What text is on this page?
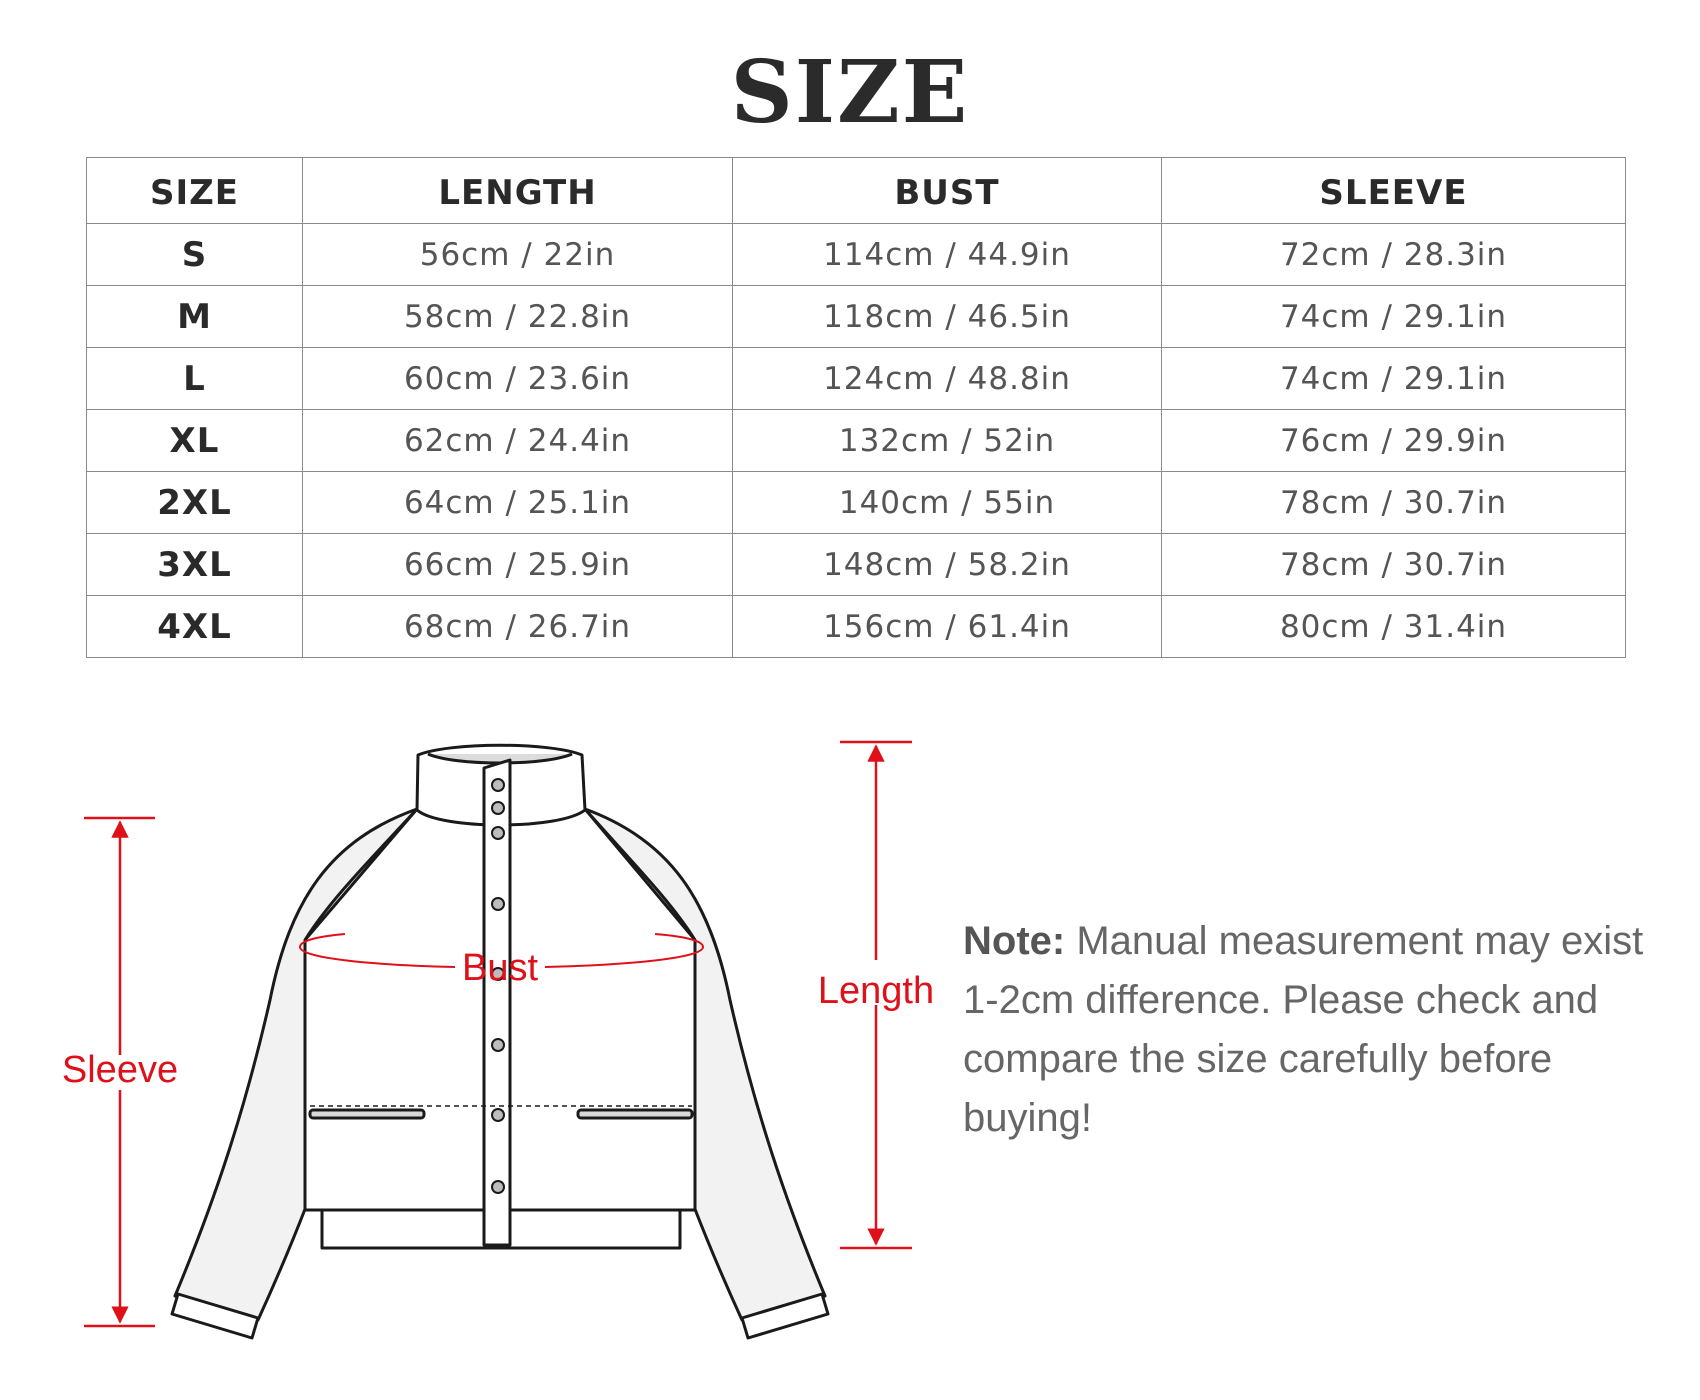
SIZE
SIZE	LENGTH	BUST	SLEEVE
S	56cm / 22in	114cm / 44.9in	72cm / 28.3in
M	58cm / 22.8in	118cm / 46.5in	74cm / 29.1in
L	60cm / 23.6in	124cm / 48.8in	74cm / 29.1in
XL	62cm / 24.4in	132cm / 52in	76cm / 29.9in
2XL	64cm / 25.1in	140cm / 55in	78cm / 30.7in
3XL	66cm / 25.9in	148cm / 58.2in	78cm / 30.7in
4XL	68cm / 26.7in	156cm / 61.4in	80cm / 31.4in
Bust
Sleeve
Length
Note: Manual measurement may exist 1-2cm difference. Please check and compare the size carefully before buying!
